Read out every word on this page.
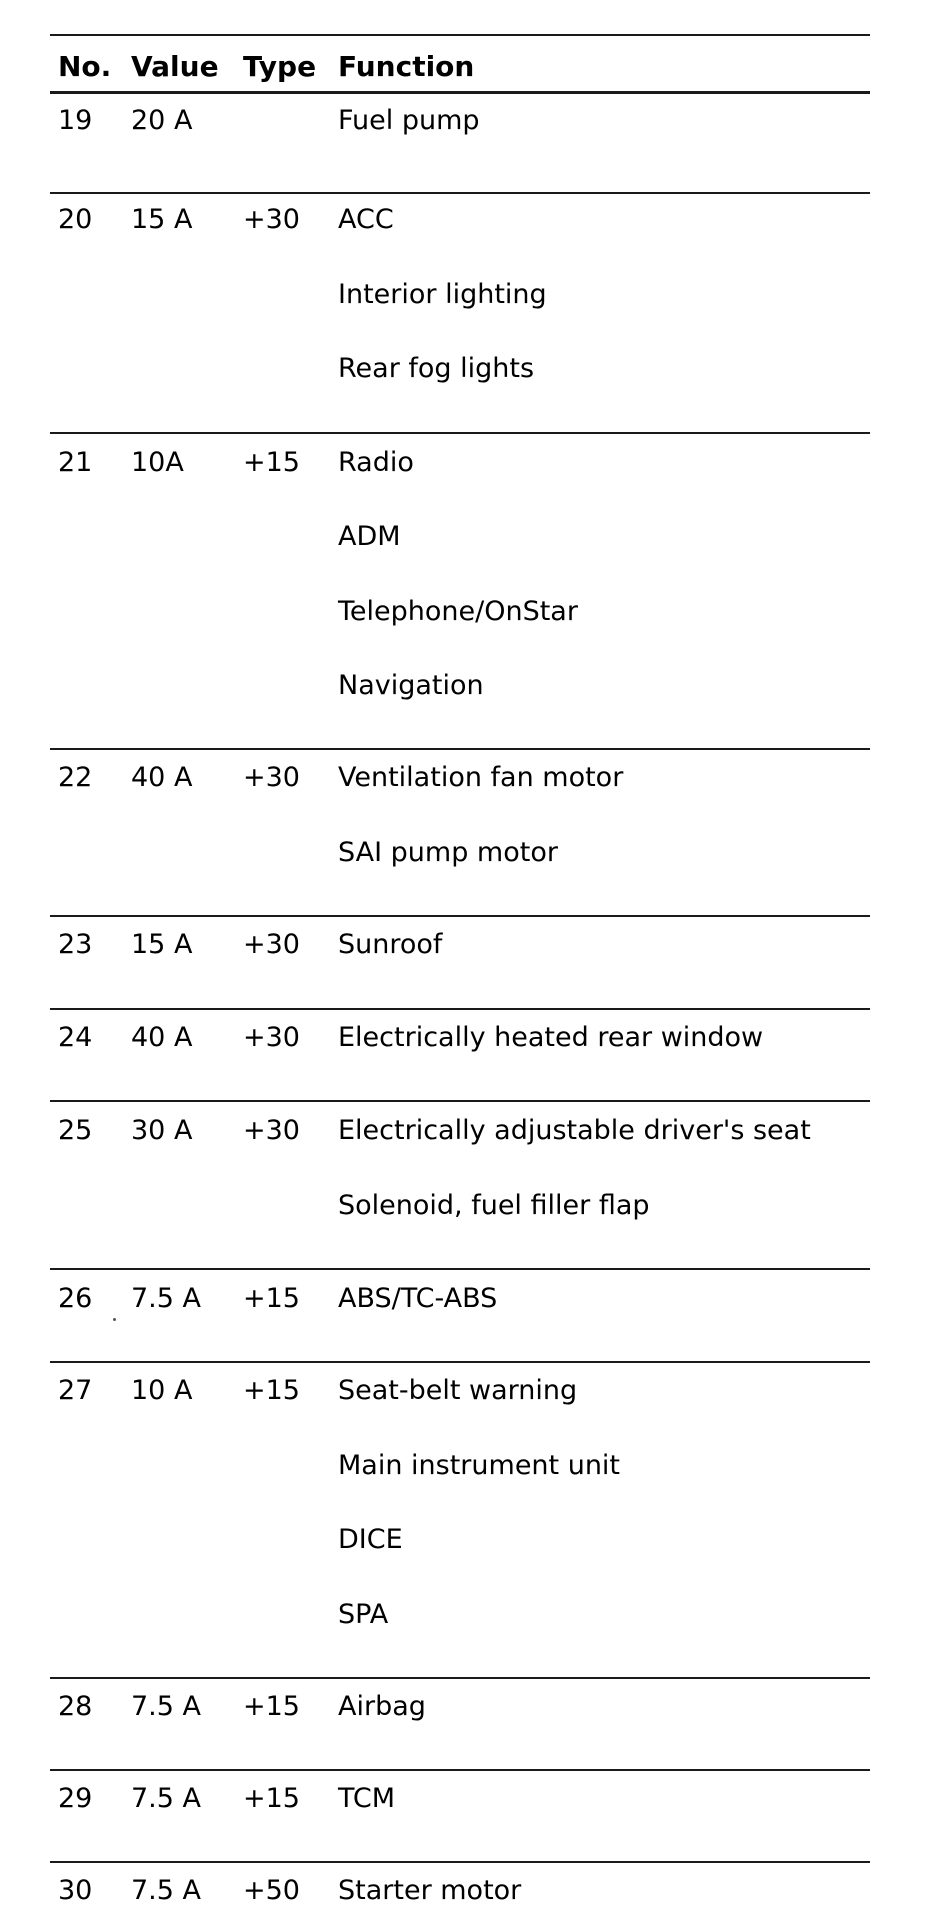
No. Value Type Function
19 20 A	Fuel pump
20 15 A +30 ACC
Interior lighting
Rear fog lights
21 10A +15 Radio
ADM
Telephone/OnStar
Navigation
22 40 A +30 Ventilation fan motor
SAI pump motor
23 15 A +30 Sunroof
24 40 A +30 Electrically heated rear window
25 30 A +30 Electrically adjustable driver's seat
Solenoid, fuel filler flap
26 7.5 A +15 ABS/TC-ABS
27 10 A +15 Seat-belt warning
Main instrument unit
DICE
SPA
28 7.5 A +15 Airbag
29 7.5 A +15 TCM
30 7.5 A +50 Starter motor
